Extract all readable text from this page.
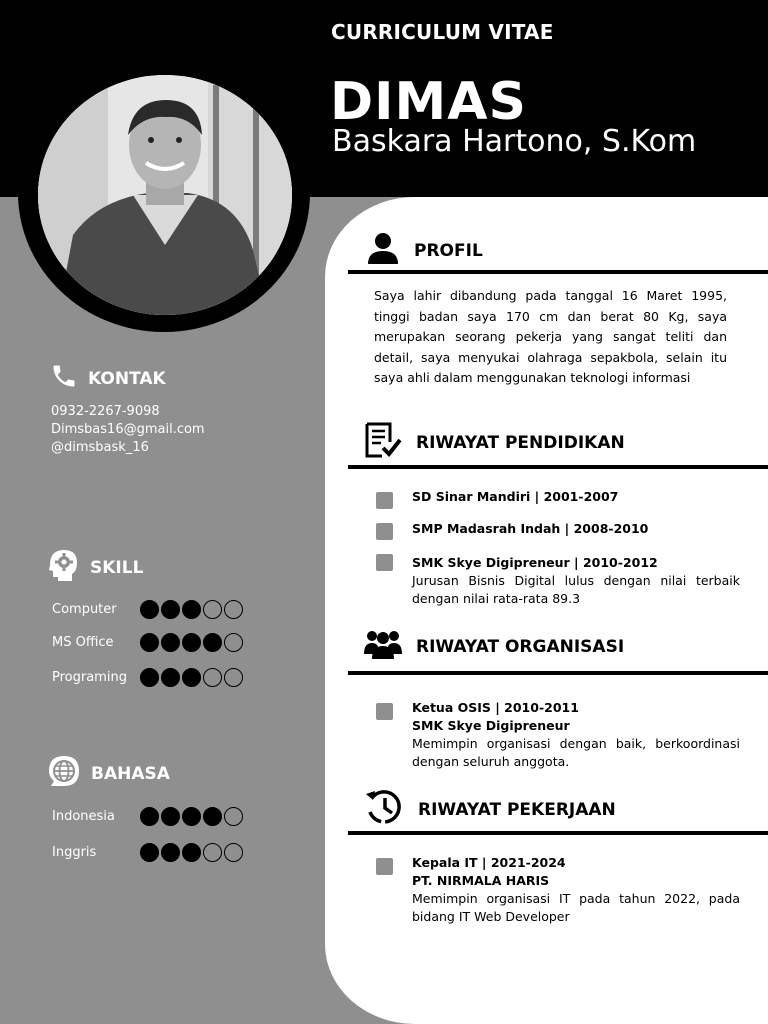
CURRICULUM VITAE
DIMAS
Baskara Hartono, S.Kom
KONTAK
0932-2267-9098
Dimsbas16@gmail.com
@dimsbask_16
SKILL
Computer
MS Office
Programing
BAHASA
Indonesia
Inggris
PROFIL
Saya lahir dibandung pada tanggal 16 Maret 1995, tinggi badan saya 170 cm dan berat 80 Kg, saya merupakan seorang pekerja yang sangat teliti dan detail, saya menyukai olahraga sepakbola, selain itu saya ahli dalam menggunakan teknologi informasi
RIWAYAT PENDIDIKAN
SD Sinar Mandiri | 2001-2007
SMP Madasrah Indah | 2008-2010
SMK Skye Digipreneur | 2010-2012
Jurusan Bisnis Digital lulus dengan nilai terbaik dengan nilai rata-rata 89.3
RIWAYAT ORGANISASI
Ketua OSIS | 2010-2011
SMK Skye Digipreneur
Memimpin organisasi dengan baik, berkoordinasi dengan seluruh anggota.
RIWAYAT PEKERJAAN
Kepala IT | 2021-2024
PT. NIRMALA HARIS
Memimpin organisasi IT pada tahun 2022, pada bidang IT Web Developer
